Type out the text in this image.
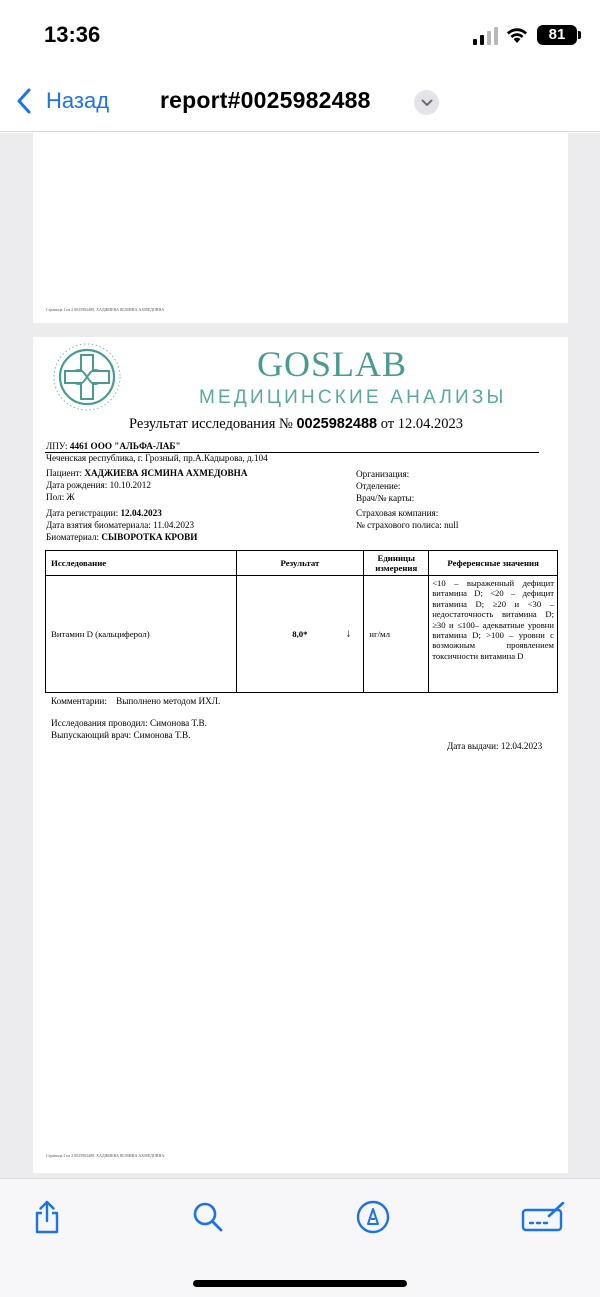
13:36	81
Назад report#0025982488
Страница 1 из 2 0025982488, ХАДЖИЕВА ЯСМИНА АХМЕДОВНА
GOSLAB
МЕДИЦИНСКИЕ АНАЛИЗЫ
Результат исследования № 0025982488 от 12.04.2023
ЛПУ: 4461 ООО "АЛЬФА-ЛАБ"
Чеченская республика, г. Грозный, пр.А.Кадырова, д.104
Пациент: ХАДЖИЕВА ЯСМИНА АХМЕДОВНА
Дата рождения: 10.10.2012
Пол: Ж
Организация:
Отделение:
Врач/№ карты:
Дата регистрации: 12.04.2023
Дата взятия биоматериала: 11.04.2023
Биоматериал: СЫВОРОТКА КРОВИ
Страховая компания:
№ страхового полиса: null
Исследование	Результат	Единицы измерения	Референсные значения
Витамин D (кальциферол)	8,0* ↓	нг/мл	<10 – выраженный дефицит витамина D; <20 – дефицит витамина D; ≥20 и <30 – недостаточность витамина D; ≥30 и ≤100– адекватные уровни витамина D; >100 – уровни с возможным проявлением токсичности витамина D
Комментарии: Выполнено методом ИХЛ.
Исследования проводил: Симонова Т.В.
Выпускающий врач: Симонова Т.В.
Дата выдачи: 12.04.2023
Страница 2 из 2 0025982488, ХАДЖИЕВА ЯСМИНА АХМЕДОВНА
